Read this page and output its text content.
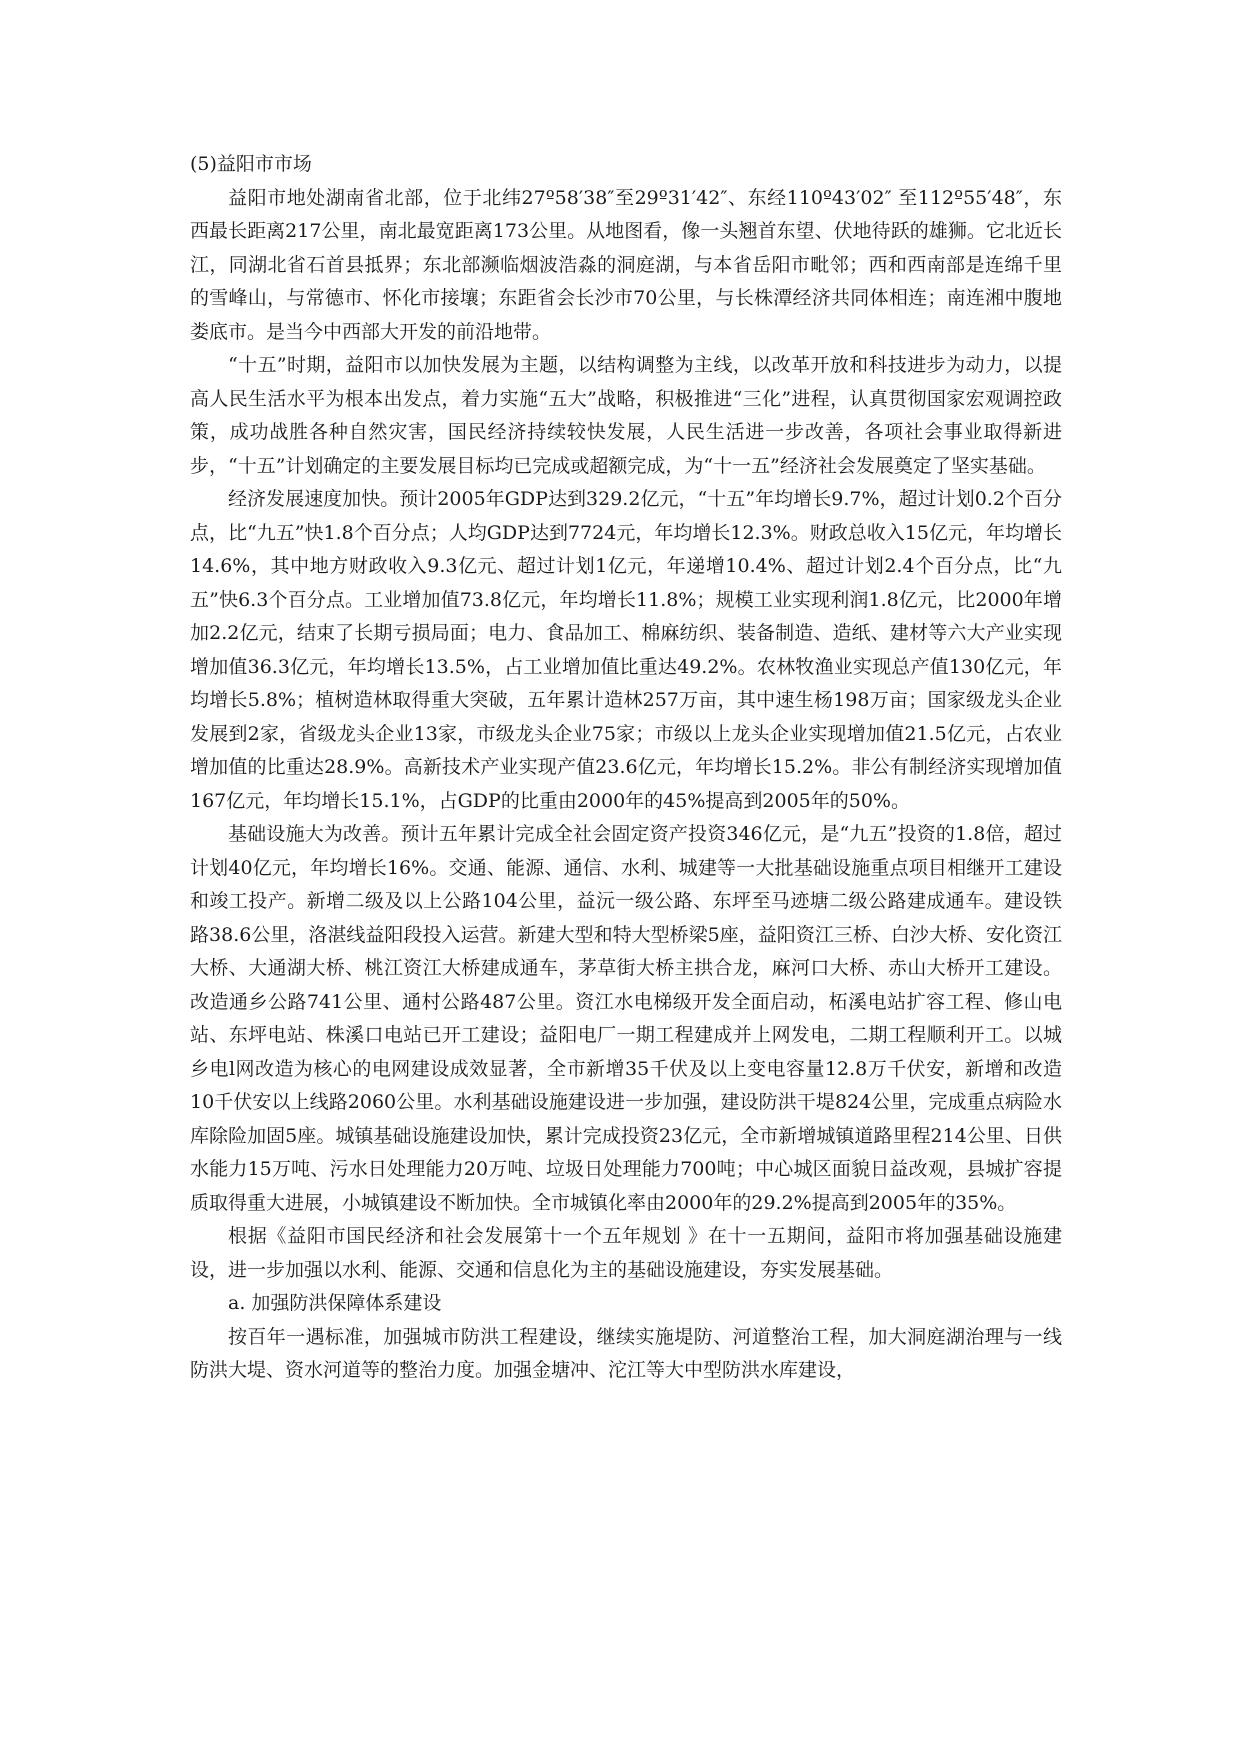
(5)益阳市市场

益阳市地处湖南省北部，位于北纬27º58′38″至29º31′42″、东经110º43′02″ 至112º55′48″，东西最长距离217公里，南北最宽距离173公里。从地图看，像一头翘首东望、伏地待跃的雄狮。它北近长江，同湖北省石首县抵界；东北部濒临烟波浩淼的洞庭湖，与本省岳阳市毗邻；西和西南部是连绵千里的雪峰山，与常德市、怀化市接壤；东距省会长沙市70公里，与长株潭经济共同体相连；南连湘中腹地娄底市。是当今中西部大开发的前沿地带。

“十五”时期，益阳市以加快发展为主题，以结构调整为主线，以改革开放和科技进步为动力，以提高人民生活水平为根本出发点，着力实施“五大”战略，积极推进“三化”进程，认真贯彻国家宏观调控政策，成功战胜各种自然灾害，国民经济持续较快发展，人民生活进一步改善，各项社会事业取得新进步，“十五”计划确定的主要发展目标均已完成或超额完成，为“十一五”经济社会发展奠定了坚实基础。

经济发展速度加快。预计2005年GDP达到329.2亿元，“十五”年均增长9.7%，超过计划0.2个百分点，比“九五”快1.8个百分点；人均GDP达到7724元，年均增长12.3%。财政总收入15亿元，年均增长14.6%，其中地方财政收入9.3亿元、超过计划1亿元，年递增10.4%、超过计划2.4个百分点，比“九五”快6.3个百分点。工业增加值73.8亿元，年均增长11.8%；规模工业实现利润1.8亿元，比2000年增加2.2亿元，结束了长期亏损局面；电力、食品加工、棉麻纺织、装备制造、造纸、建材等六大产业实现增加值36.3亿元，年均增长13.5%，占工业增加值比重达49.2%。农林牧渔业实现总产值130亿元，年均增长5.8%；植树造林取得重大突破，五年累计造林257万亩，其中速生杨198万亩；国家级龙头企业发展到2家，省级龙头企业13家，市级龙头企业75家；市级以上龙头企业实现增加值21.5亿元，占农业增加值的比重达28.9%。高新技术产业实现产值23.6亿元，年均增长15.2%。非公有制经济实现增加值167亿元，年均增长15.1%，占GDP的比重由2000年的45%提高到2005年的50%。

基础设施大为改善。预计五年累计完成全社会固定资产投资346亿元，是“九五”投资的1.8倍，超过计划40亿元，年均增长16%。交通、能源、通信、水利、城建等一大批基础设施重点项目相继开工建设和竣工投产。新增二级及以上公路104公里，益沅一级公路、东坪至马迹塘二级公路建成通车。建设铁路38.6公里，洛湛线益阳段投入运营。新建大型和特大型桥梁5座，益阳资江三桥、白沙大桥、安化资江大桥、大通湖大桥、桃江资江大桥建成通车，茅草街大桥主拱合龙，麻河口大桥、赤山大桥开工建设。改造通乡公路741公里、通村公路487公里。资江水电梯级开发全面启动，柘溪电站扩容工程、修山电站、东坪电站、株溪口电站已开工建设；益阳电厂一期工程建成并上网发电，二期工程顺利开工。以城乡电l网改造为核心的电网建设成效显著，全市新增35千伏及以上变电容量12.8万千伏安，新增和改造10千伏安以上线路2060公里。水利基础设施建设进一步加强，建设防洪干堤824公里，完成重点病险水库除险加固5座。城镇基础设施建设加快，累计完成投资23亿元，全市新增城镇道路里程214公里、日供水能力15万吨、污水日处理能力20万吨、垃圾日处理能力700吨；中心城区面貌日益改观，县城扩容提质取得重大进展，小城镇建设不断加快。全市城镇化率由2000年的29.2%提高到2005年的35%。

根据《益阳市国民经济和社会发展第十一个五年规划 》在十一五期间，益阳市将加强基础设施建设，进一步加强以水利、能源、交通和信息化为主的基础设施建设，夯实发展基础。

a. 加强防洪保障体系建设

按百年一遇标准，加强城市防洪工程建设，继续实施堤防、河道整治工程，加大洞庭湖治理与一线防洪大堤、资水河道等的整治力度。加强金塘冲、沱江等大中型防洪水库建设，
